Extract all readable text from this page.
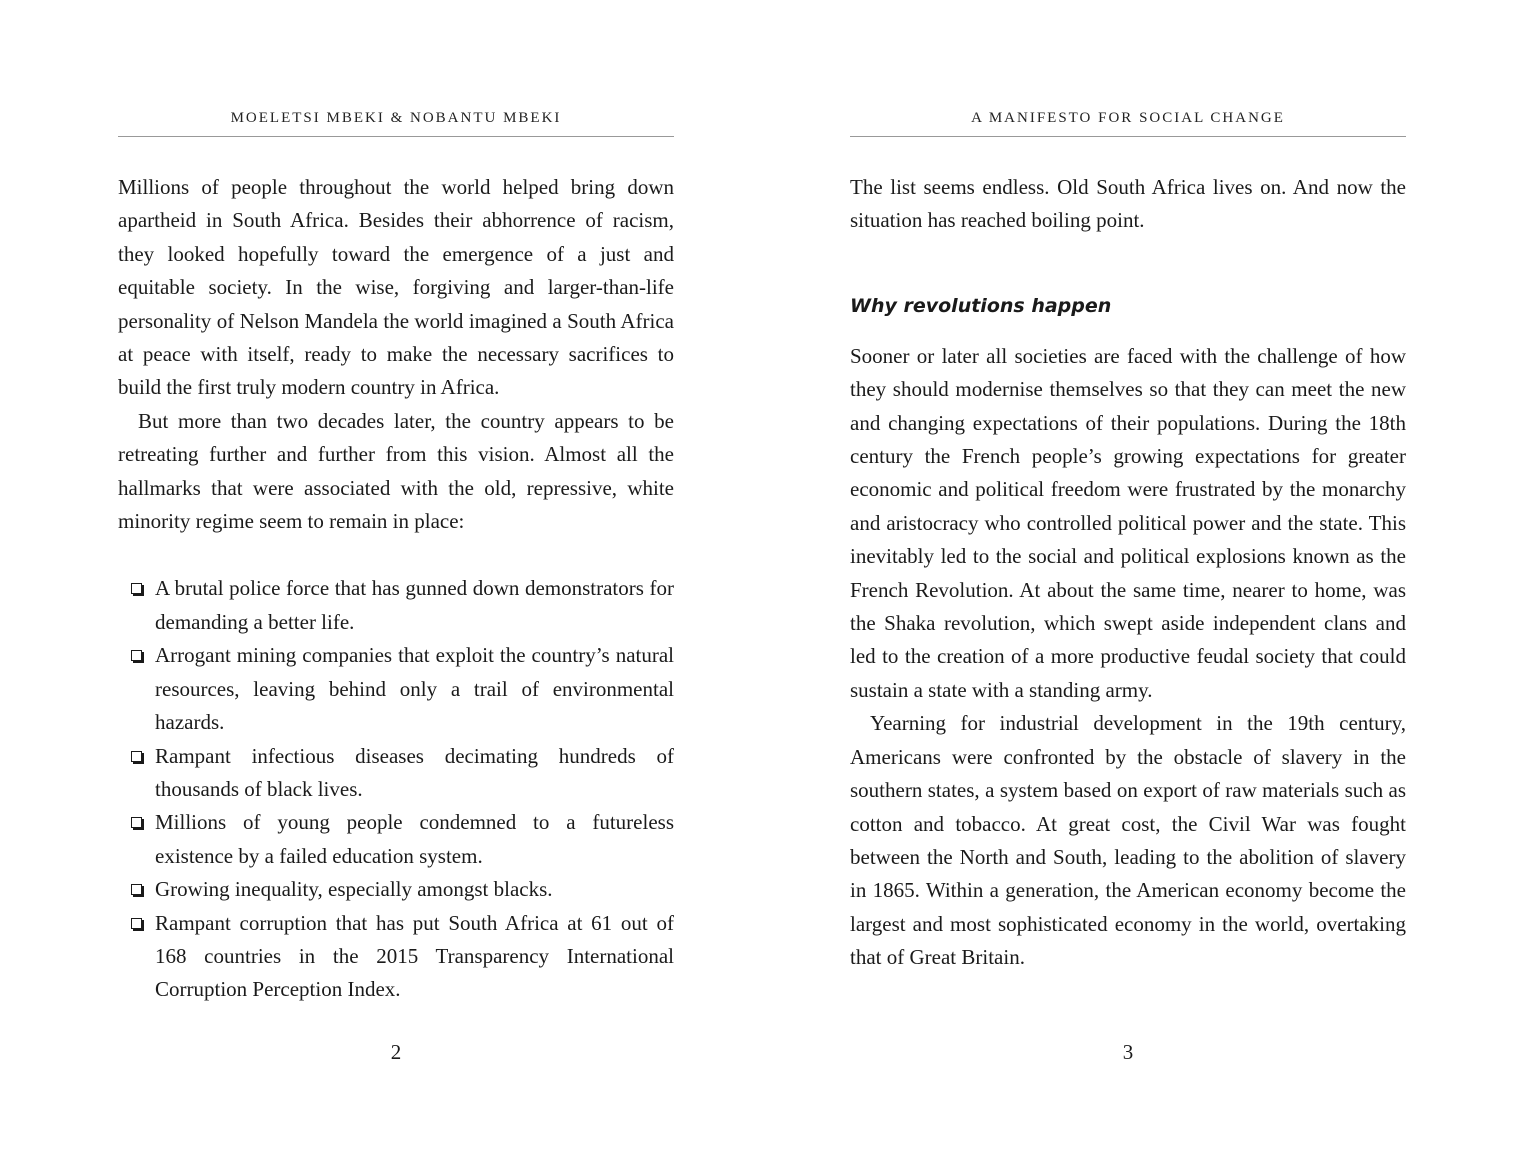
MOELETSI MBEKI & NOBANTU MBEKI

Millions of people throughout the world helped bring down apartheid in South Africa. Besides their abhorrence of racism, they looked hopefully toward the emergence of a just and equitable society. In the wise, forgiving and larger-than-life personality of Nelson Mandela the world imagined a South Africa at peace with itself, ready to make the necessary sacrifices to build the first truly modern country in Africa.

But more than two decades later, the country appears to be retreating further and further from this vision. Almost all the hallmarks that were associated with the old, repressive, white minority regime seem to remain in place:

A brutal police force that has gunned down demonstrators for demanding a better life.
Arrogant mining companies that exploit the country’s natural resources, leaving behind only a trail of environmental hazards.
Rampant infectious diseases decimating hundreds of thousands of black lives.
Millions of young people condemned to a futureless existence by a failed education system.
Growing inequality, especially amongst blacks.
Rampant corruption that has put South Africa at 61 out of 168 countries in the 2015 Transparency International Corruption Perception Index.
2
A MANIFESTO FOR SOCIAL CHANGE

The list seems endless. Old South Africa lives on. And now the situation has reached boiling point.

Why revolutions happen

Sooner or later all societies are faced with the challenge of how they should modernise themselves so that they can meet the new and changing expectations of their populations. During the 18th century the French people’s growing expectations for greater economic and political freedom were frustrated by the monarchy and aristocracy who controlled political power and the state. This inevitably led to the social and political explosions known as the French Revolution. At about the same time, nearer to home, was the Shaka revolution, which swept aside independent clans and led to the creation of a more productive feudal society that could sustain a state with a standing army.

Yearning for industrial development in the 19th century, Americans were confronted by the obstacle of slavery in the southern states, a system based on export of raw materials such as cotton and tobacco. At great cost, the Civil War was fought between the North and South, leading to the abolition of slavery in 1865. Within a generation, the American economy become the largest and most sophisticated economy in the world, overtaking that of Great Britain.

3
